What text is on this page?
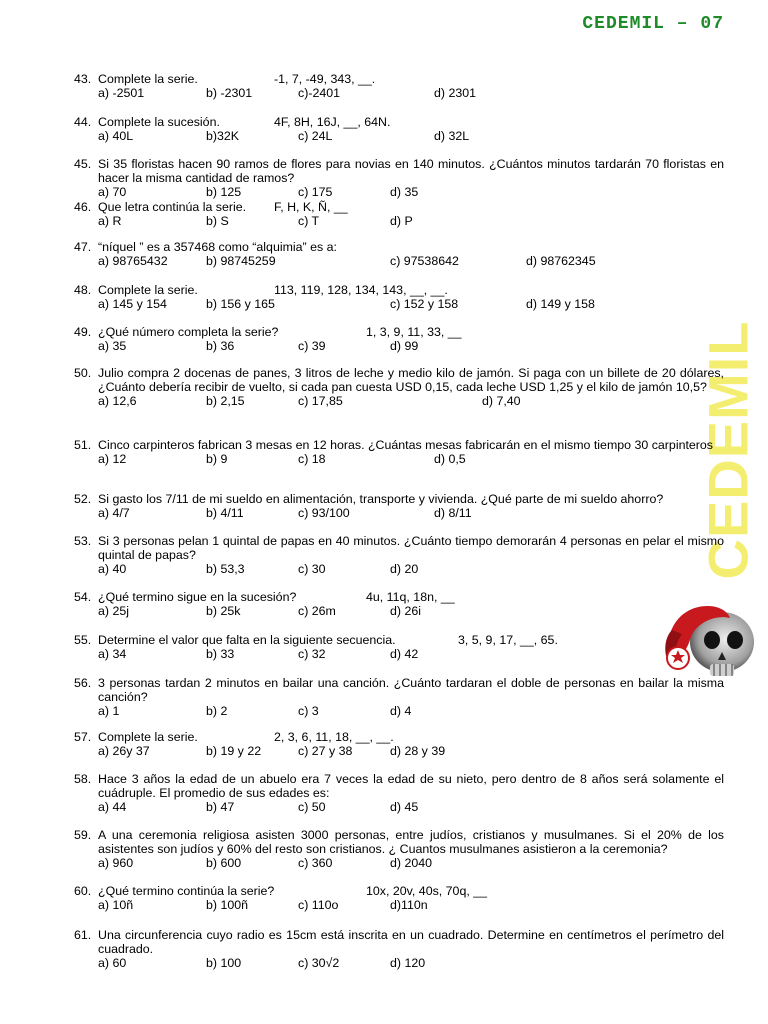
CEDEMIL – 07
CEDEMIL
43. Complete la serie.	-1, 7, -49, 343, __.
a) -2501	b) -2301	c)-2401	d) 2301
44. Complete la sucesión.	4F, 8H, 16J, __, 64N.
a) 40L	b)32K	c) 24L	d) 32L
45. Si 35 floristas hacen 90 ramos de flores para novias en 140 minutos. ¿Cuántos minutos tardarán 70 floristas en hacer la misma cantidad de ramos?
a) 70	b) 125	c) 175	d) 35
46. Que letra continúa la serie. F, H, K, Ñ, __
a) R	b) S	c) T	d) P
47. “níquel ” es a 357468 como “alquimia” es a:
a) 98765432	b) 98745259	c) 97538642	d) 98762345
48. Complete la serie.	113, 119, 128, 134, 143, __, __.
a) 145 y 154	b) 156 y 165	c) 152 y 158	d) 149 y 158
49. ¿Qué número completa la serie?	1, 3, 9, 11, 33, __
a) 35	b) 36	c) 39	d) 99
50. Julio compra 2 docenas de panes, 3 litros de leche y medio kilo de jamón. Si paga con un billete de 20 dólares, ¿Cuánto debería recibir de vuelto, si cada pan cuesta USD 0,15, cada leche USD 1,25 y el kilo de jamón 10,5?
a) 12,6	b) 2,15	c) 17,85	d) 7,40
51. Cinco carpinteros fabrican 3 mesas en 12 horas. ¿Cuántas mesas fabricarán en el mismo tiempo 30 carpinteros
a) 12	b) 9	c) 18	d) 0,5
52. Si gasto los 7/11 de mi sueldo en alimentación, transporte y vivienda. ¿Qué parte de mi sueldo ahorro?
a) 4/7	b) 4/11	c) 93/100	d) 8/11
53. Si 3 personas pelan 1 quintal de papas en 40 minutos. ¿Cuánto tiempo demorarán 4 personas en pelar el mismo quintal de papas?
a) 40	b) 53,3	c) 30	d) 20
54. ¿Qué termino sigue en la sucesión?	4u, 11q, 18n, __
a) 25j	b) 25k	c) 26m	d) 26i
55. Determine el valor que falta en la siguiente secuencia.	3, 5, 9, 17, __, 65.
a) 34	b) 33	c) 32	d) 42
56. 3 personas tardan 2 minutos en bailar una canción. ¿Cuánto tardaran el doble de personas en bailar la misma canción?
a) 1	b) 2	c) 3	d) 4
57. Complete la serie.	2, 3, 6, 11, 18, __, __.
a) 26y 37	b) 19 y 22	c) 27 y 38	d) 28 y 39
58. Hace 3 años la edad de un abuelo era 7 veces la edad de su nieto, pero dentro de 8 años será solamente el cuádruple. El promedio de sus edades es:
a) 44	b) 47	c) 50	d) 45
59. A una ceremonia religiosa asisten 3000 personas, entre judíos, cristianos y musulmanes. Si el 20% de los asistentes son judíos y 60% del resto son cristianos. ¿ Cuantos musulmanes asistieron a la ceremonia?
a) 960	b) 600	c) 360	d) 2040
60. ¿Qué termino continúa la serie?	10x, 20v, 40s, 70q, __
a) 10ñ	b) 100ñ	c) 110o	d)110n
61. Una circunferencia cuyo radio es 15cm está inscrita en un cuadrado. Determine en centímetros el perímetro del cuadrado.
a) 60	b) 100	c) 30√2	d) 120
